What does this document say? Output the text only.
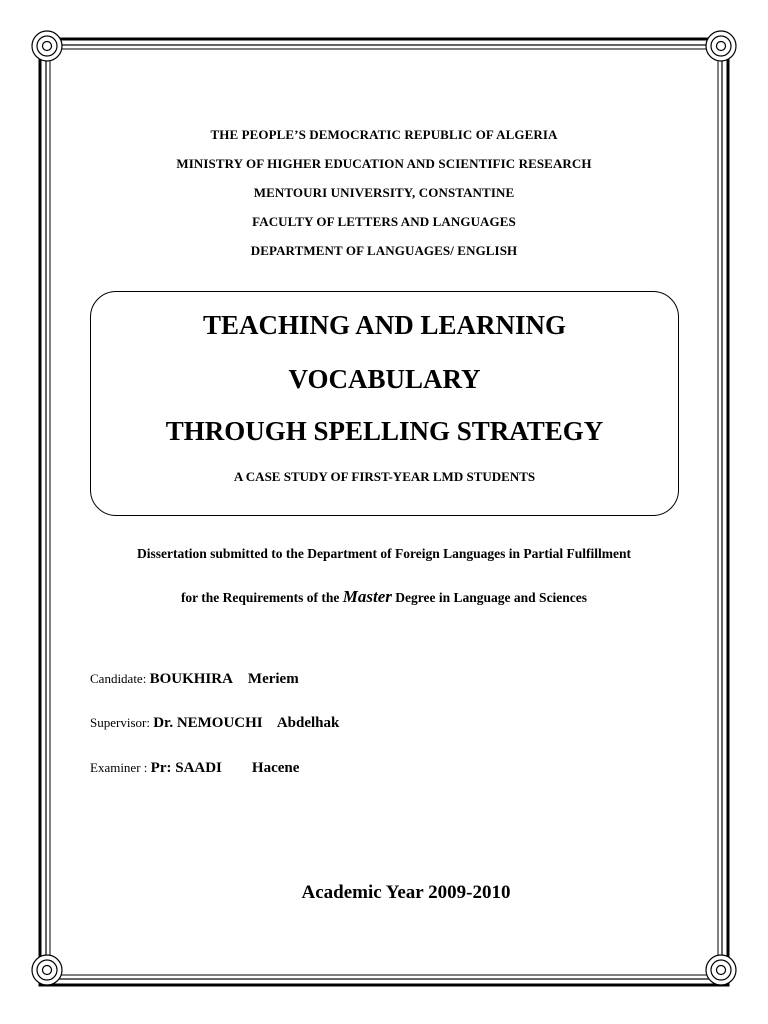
THE PEOPLE’S DEMOCRATIC REPUBLIC OF ALGERIA
MINISTRY OF HIGHER EDUCATION AND SCIENTIFIC RESEARCH
MENTOURI UNIVERSITY, CONSTANTINE
FACULTY OF LETTERS AND LANGUAGES
DEPARTMENT OF LANGUAGES/ ENGLISH
TEACHING AND LEARNING
VOCABULARY
THROUGH SPELLING STRATEGY
A CASE STUDY OF FIRST-YEAR LMD STUDENTS
Dissertation submitted to the Department of Foreign Languages in Partial Fulfillment
for the Requirements of the Master Degree in Language and Sciences
Candidate: BOUKHIRA    Meriem
Supervisor: Dr. NEMOUCHI    Abdelhak
Examiner : Pr: SAADI        Hacene
Academic Year 2009-2010
